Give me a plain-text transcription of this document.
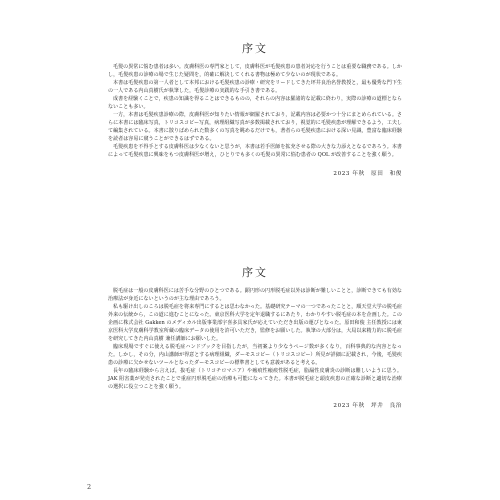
序文

毛髪の異常に悩む患者は多い。皮膚科医の専門家として，皮膚科医が毛髪疾患の患者対応を行うことは重要な職務である。しかし，毛髪疾患の診療の場で生じた疑問を，的確に解決してくれる書物は極めて少ないのが現状である。

本書は毛髪疾患の第一人者として本邦における毛髪疾患の診療・研究をリードしてきた坪井良治名誉教授と，最も優秀な門下生の一人である内山真樹氏が執筆した，毛髪診療の実践的な手引き書である。

成書を経験くことで，疾患の知識を得ることはできるものの，それらの内容は羅諸的な記載に終わり，実際の診療の道標とならないことも多い。

一方，本書は毛髪疾患診療の際，皮膚科医が知りたい情報が網羅されており，記載内容は必要かつ十分にまとめられている。さらに本書には臨床写真，トリコスコピー写真，病理組織写真が多数掲載されており，視覚的に毛髪疾患が理解できるよう，工夫して編集されている。本書に散りばめられた数多くの写真を眺めるだけでも，著者らの毛髪疾患における深い見識，豊富な臨床経験を読者は容易に窺うことができるはずである。

毛髪疾患を不得手とする皮膚科医は少なくないと思うが，本書は若手医師を拡充させる際の大きな力添えとなるであろう。本書によって毛髪疾患に興味をもつ皮膚科医が増え，ひとりでも多くの毛髪の異常に悩む患者の QOL が改善することを強く願う。

2023 年秋　原田　和俊
序文

脱毛症は一般の皮膚科医には苦手な分野のひとつである。顕円形の円形脱毛症以外は診断が難しいことと，診断できても有効な治療法が身近にないというのが主な理由であろう。

私も駆け出しのころは脱毛症を将来専門にするとは思わなかった。基礎研究テーマの一つであったことと，順天堂大学の脱毛症外来の伝統から，この道に進むことになった。東京医科大学を定年退職するにあたり，わかりやすい脱毛症の本を企画した。この企画に株式会社 Gakken のメディカル出版事業部宇喜多具家氏が応えていただき出版の運びとなった。原田和俊 主任教授には東京医科大学皮膚科学教室所蔵の臨床データの使用を許可いただき，監修をお願いした。執筆の大部分は，大局以来精力的に脱毛症を研究してきた内山真樹 兼任講師にお願いした。

臨床現場ですぐに使える脱毛症ハンドブックを目指したが，当初案より少なうページ数が多くなり，百科事典的な内容となった。しかし，その分，内山講師が得意とする病理組織，ダーモスコピー（トリコスコピー）所見が詳細に記載され，今後，毛髪疾患の診療に欠かせないツールとなったダーモスコピーの標準書としても意義があると考える。

長年の臨床経験から言えば，抜毛症（トリコチロマニア）や瘢痕性瘢痕性脱毛症，脂漏性皮膚炎の診断は難しいように思う。JAK 阻害薬が発売されたことで重症円形脱毛症の治療も可能になってきた。本書が脱毛症と頭皮疾患の正確な診断と適切な治療の選択に役立つことを強く願う。

2023 年秋　坪井　良治
2
